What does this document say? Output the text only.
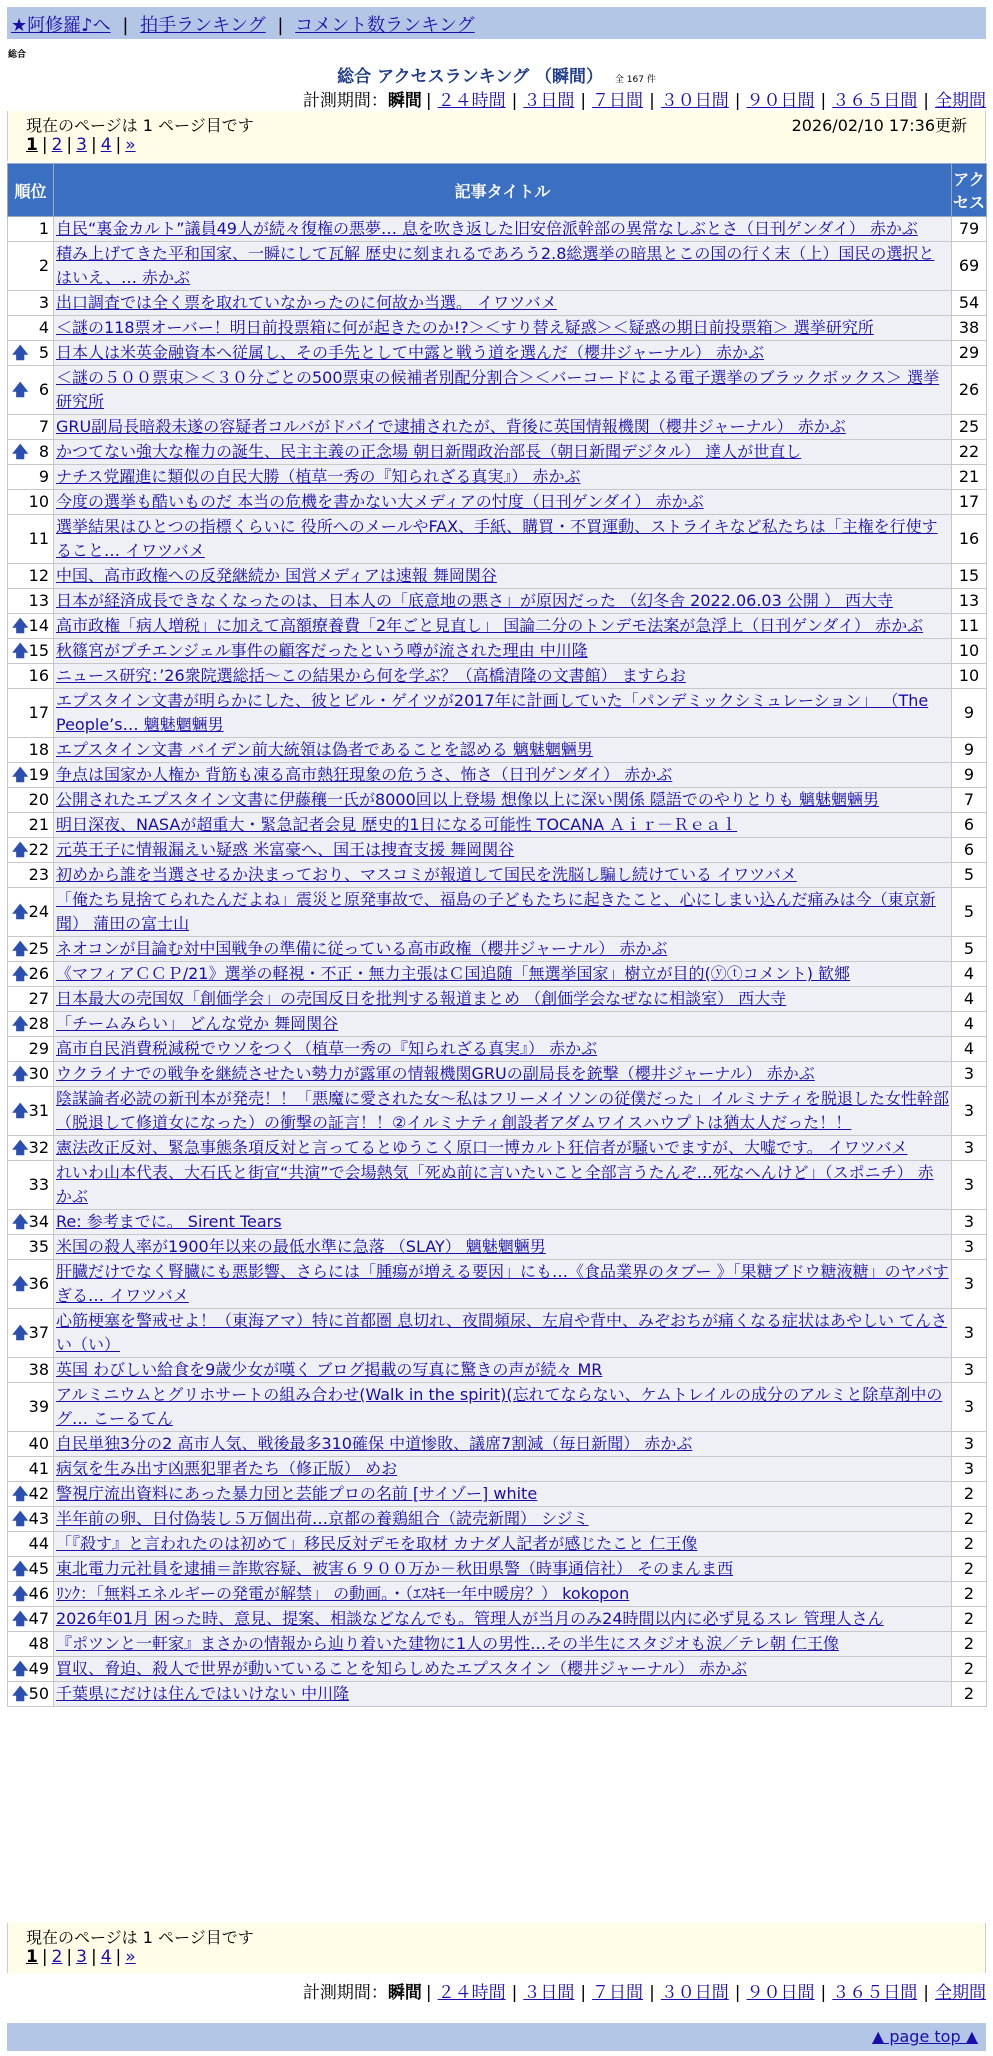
★阿修羅♪へ | 拍手ランキング | コメント数ランキング
総合
総合 アクセスランキング （瞬間） 全 167 件
計測期間：瞬間 | ２４時間 | ３日間 | ７日間 | ３０日間 | ９０日間 | ３６５日間 | 全期間
現在のページは 1 ページ目です	2026/02/10 17:36更新
1 | 2 | 3 | 4 | »
順位	記事タイトル	アクセス
1	自民“裏金カルト”議員49人が続々復権の悪夢… 息を吹き返した旧安倍派幹部の異常なしぶとさ（日刊ゲンダイ） 赤かぶ	79
2	積み上げてきた平和国家、一瞬にして瓦解 歴史に刻まれるであろう2.8総選挙の暗黒とこの国の行く末（上）国民の選択とはいえ、… 赤かぶ	69
3	出口調査では全く票を取れていなかったのに何故か当選。 イワツバメ	54
4	＜謎の118票オーバー！明日前投票箱に何が起きたのか!?＞＜すり替え疑惑＞＜疑惑の期日前投票箱＞ 選挙研究所	38

🡅 5	日本人は米英金融資本へ従属し、その手先として中露と戦う道を選んだ（櫻井ジャーナル） 赤かぶ	29

🡅 6	＜謎の５００票束＞＜３０分ごとの500票束の候補者別配分割合＞＜バーコードによる電子選挙のブラックボックス＞ 選挙研究所	26
7	GRU副局長暗殺未遂の容疑者コルバがドバイで逮捕されたが、背後に英国情報機関（櫻井ジャーナル） 赤かぶ	25

🡅 8	かつてない強大な権力の誕生、民主主義の正念場 朝日新聞政治部長（朝日新聞デジタル） 達人が世直し	22
9	ナチス党躍進に類似の自民大勝（植草一秀の『知られざる真実』） 赤かぶ	21
10	今度の選挙も酷いものだ 本当の危機を書かない大メディアの忖度（日刊ゲンダイ） 赤かぶ	17
11	選挙結果はひとつの指標くらいに 役所へのメールやFAX、手紙、購買・不買運動、ストライキなど私たちは「主権を行使すること… イワツバメ	16
12	中国、高市政権への反発継続か 国営メディアは速報 舞岡関谷	15
13	日本が経済成長できなくなったのは、日本人の「底意地の悪さ」が原因だった （幻冬舎 2022.06.03 公開 ） 西大寺	13

🡅 14	高市政権「病人増税」に加えて高額療養費「2年ごと見直し」 国論二分のトンデモ法案が急浮上（日刊ゲンダイ） 赤かぶ	11

🡅 15	秋篠宮がプチエンジェル事件の顧客だったという噂が流された理由 中川隆	10
16	ニュース研究：’26衆院選総括～この結果から何を学ぶ？（高橋清隆の文書館） ますらお	10
17	エプスタイン文書が明らかにした、彼とビル・ゲイツが2017年に計画していた「パンデミックシミュレーション」 （The People’s… 魑魅魍魎男	9
18	エプスタイン文書 バイデン前大統領は偽者であることを認める 魑魅魍魎男	9

🡅 19	争点は国家か人権か 背筋も凍る高市熱狂現象の危うさ、怖さ（日刊ゲンダイ） 赤かぶ	9
20	公開されたエプスタイン文書に伊藤穰一氏が8000回以上登場 想像以上に深い関係 隠語でのやりとりも 魑魅魍魎男	7
21	明日深夜、NASAが超重大・緊急記者会見 歴史的1日になる可能性 TOCANA Ａｉｒ－Ｒｅａｌ	6

🡅 22	元英王子に情報漏えい疑惑 米富豪へ、国王は捜査支援 舞岡関谷	6
23	初めから誰を当選させるか決まっており、マスコミが報道して国民を洗脳し騙し続けている イワツバメ	5

🡅 24	「俺たち見捨てられたんだよね」震災と原発事故で、福島の子どもたちに起きたこと、心にしまい込んだ痛みは今（東京新聞） 蒲田の富士山	5

🡅 25	ネオコンが目論む対中国戦争の準備に従っている高市政権（櫻井ジャーナル） 赤かぶ	5

🡅 26	《マフィアＣＣＰ/21》選挙の軽視・不正・無力主張はＣ国追随「無選挙国家」樹立が目的(ⓨⓣコメント) 歓郷	4
27	日本最大の売国奴「創価学会」の売国反日を批判する報道まとめ （創価学会なぜなに相談室） 西大寺	4

🡅 28	「チームみらい」 どんな党か 舞岡関谷	4
29	高市自民消費税減税でウソをつく（植草一秀の『知られざる真実』） 赤かぶ	4

🡅 30	ウクライナでの戦争を継続させたい勢力が露軍の情報機関GRUの副局長を銃撃（櫻井ジャーナル） 赤かぶ	3

🡅 31	陰謀論者必読の新刊本が発売！！「悪魔に愛された女～私はフリーメイソンの従僕だった」イルミナティを脱退した女性幹部（脱退して修道女になった）の衝撃の証言！！②イルミナティ創設者アダムワイスハウプトは猶太人だった！！	3

🡅 32	憲法改正反対、緊急事態条項反対と言ってるとゆうこく原口一博カルト狂信者が騒いでますが、大嘘です。 イワツバメ	3
33	れいわ山本代表、大石氏と街宣“共演”で会場熱気「死ぬ前に言いたいこと全部言うたんぞ…死なへんけど」（スポニチ） 赤かぶ	3

🡅 34	Re: 参考までに。 Sirent Tears	3
35	米国の殺人率が1900年以来の最低水準に急落 （SLAY） 魑魅魍魎男	3

🡅 36	肝臓だけでなく腎臓にも悪影響、さらには「腫瘍が増える要因」にも…《食品業界のタブー 》「果糖ブドウ糖液糖」のヤバすぎる… イワツバメ	3

🡅 37	心筋梗塞を警戒せよ！（東海アマ）特に首都圏 息切れ、夜間頻尿、左肩や背中、みぞおちが痛くなる症状はあやしい てんさい（い）	3
38	英国 わびしい給食を9歳少女が嘆く ブログ掲載の写真に驚きの声が続々 MR	3
39	アルミニウムとグリホサートの組み合わせ(Walk in the spirit)(忘れてならない、ケムトレイルの成分のアルミと除草剤中のグ… こーるてん	3
40	自民単独3分の2 高市人気、戦後最多310確保 中道惨敗、議席7割減（毎日新聞） 赤かぶ	3
41	病気を生み出す凶悪犯罪者たち（修正版） めお	3

🡅 42	警視庁流出資料にあった暴力団と芸能プロの名前 [サイゾー] white	2

🡅 43	半年前の卵、日付偽装し５万個出荷…京都の養鶏組合（読売新聞） シジミ	2
44	「『殺す』と言われたのは初めて」移民反対デモを取材 カナダ人記者が感じたこと 仁王像	2

🡅 45	東北電力元社員を逮捕＝詐欺容疑、被害６９００万か－秋田県警（時事通信社） そのまんま西	2

🡅 46	ﾘﾝｸ：「無料エネルギーの発電が解禁」 の動画。・（ｴｽｷﾓ一年中暖房？） kokopon	2

🡅 47	2026年01月 困った時、意見、提案、相談などなんでも。管理人が当月のみ24時間以内に必ず見るスレ 管理人さん	2
48	『ポツンと一軒家』まさかの情報から辿り着いた建物に1人の男性…その半生にスタジオも涙／テレ朝 仁王像	2

🡅 49	買収、脅迫、殺人で世界が動いていることを知らしめたエプスタイン（櫻井ジャーナル） 赤かぶ	2

🡅 50	千葉県にだけは住んではいけない 中川隆	2
現在のページは 1 ページ目です
1 | 2 | 3 | 4 | »
計測期間：瞬間 | ２４時間 | ３日間 | ７日間 | ３０日間 | ９０日間 | ３６５日間 | 全期間
▲ page top ▲
